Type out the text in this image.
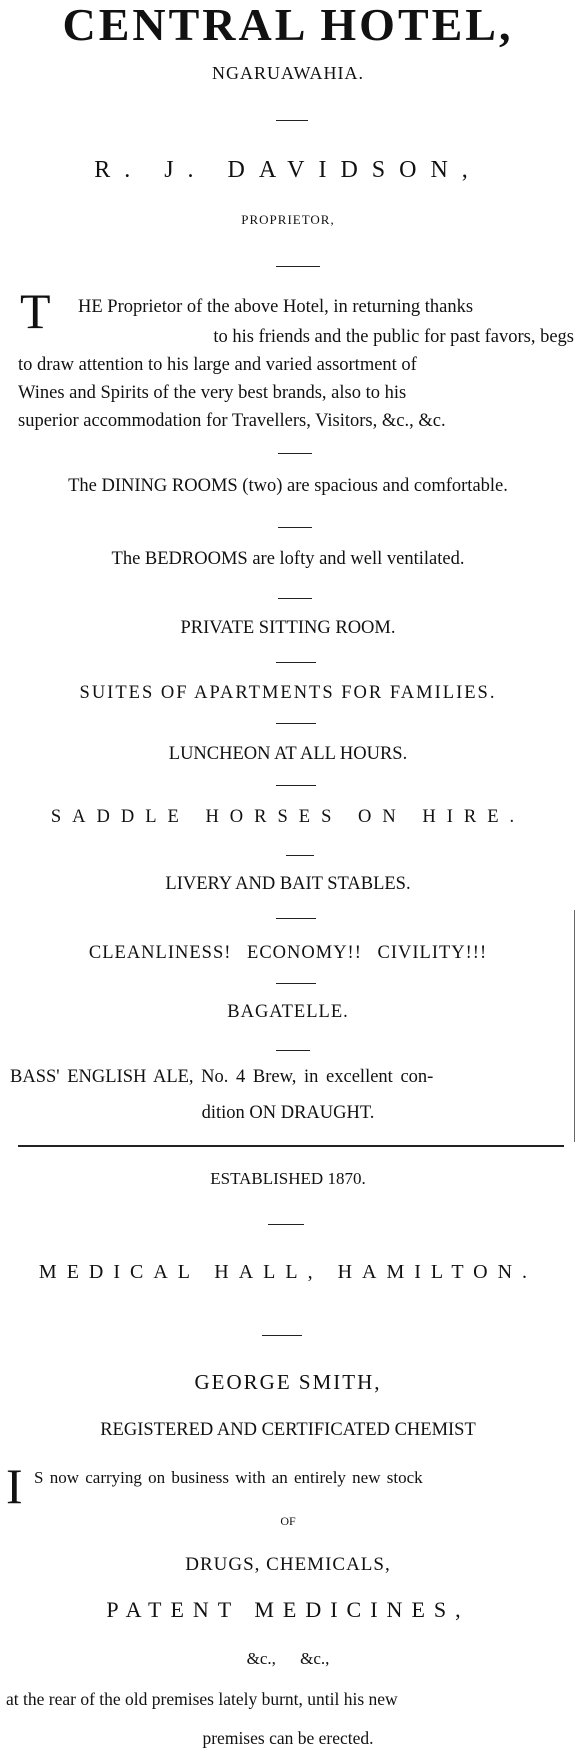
CENTRAL HOTEL,
NGARUAWAHIA.
R. J. DAVIDSON,
PROPRIETOR,
T HE Proprietor of the above Hotel, in returning thanks
to his friends and the public for past favors, begs
to draw attention to his large and varied assortment of
Wines and Spirits of the very best brands, also to his
superior accommodation for Travellers, Visitors, &c., &c.
The DINING ROOMS (two) are spacious and comfortable.
The BEDROOMS are lofty and well ventilated.
PRIVATE SITTING ROOM.
SUITES OF APARTMENTS FOR FAMILIES.
LUNCHEON AT ALL HOURS.
SADDLE HORSES ON HIRE.
LIVERY AND BAIT STABLES.
CLEANLINESS! ECONOMY!! CIVILITY!!!
BAGATELLE.
BASS' ENGLISH ALE, No. 4 Brew, in excellent con-
dition ON DRAUGHT.
ESTABLISHED 1870.
MEDICAL HALL, HAMILTON.
GEORGE SMITH,
REGISTERED AND CERTIFICATED CHEMIST
I S now carrying on business with an entirely new stock
OF
DRUGS, CHEMICALS,
PATENT MEDICINES,
&c., &c.,
at the rear of the old premises lately burnt, until his new
premises can be erected.
